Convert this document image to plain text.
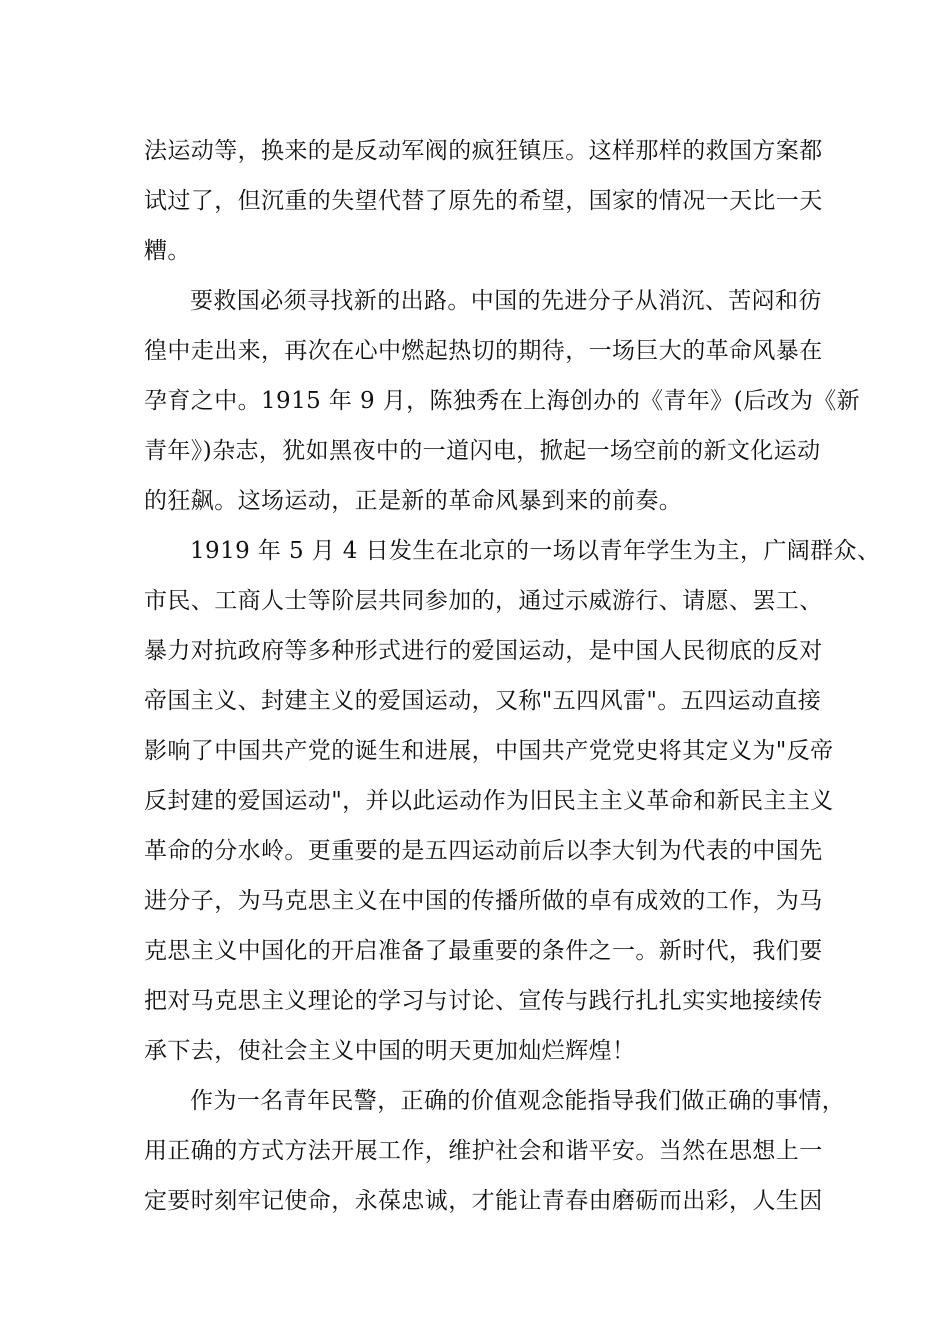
法运动等，换来的是反动军阀的疯狂镇压。这样那样的救国方案都
试过了，但沉重的失望代替了原先的希望，国家的情况一天比一天
糟。
要救国必须寻找新的出路。中国的先进分子从消沉、苦闷和彷
徨中走出来，再次在心中燃起热切的期待，一场巨大的革命风暴在
孕育之中。1915 年 9 月，陈独秀在上海创办的《青年》(后改为《新
青年》)杂志，犹如黑夜中的一道闪电，掀起一场空前的新文化运动
的狂飙。这场运动，正是新的革命风暴到来的前奏。
1919 年 5 月 4 日发生在北京的一场以青年学生为主，广阔群众、
市民、工商人士等阶层共同参加的，通过示威游行、请愿、罢工、
暴力对抗政府等多种形式进行的爱国运动，是中国人民彻底的反对
帝国主义、封建主义的爱国运动，又称"五四风雷"。五四运动直接
影响了中国共产党的诞生和进展，中国共产党党史将其定义为"反帝
反封建的爱国运动"，并以此运动作为旧民主主义革命和新民主主义
革命的分水岭。更重要的是五四运动前后以李大钊为代表的中国先
进分子，为马克思主义在中国的传播所做的卓有成效的工作，为马
克思主义中国化的开启准备了最重要的条件之一。新时代，我们要
把对马克思主义理论的学习与讨论、宣传与践行扎扎实实地接续传
承下去，使社会主义中国的明天更加灿烂辉煌！
作为一名青年民警，正确的价值观念能指导我们做正确的事情，
用正确的方式方法开展工作，维护社会和谐平安。当然在思想上一
定要时刻牢记使命，永葆忠诚，才能让青春由磨砺而出彩，人生因
